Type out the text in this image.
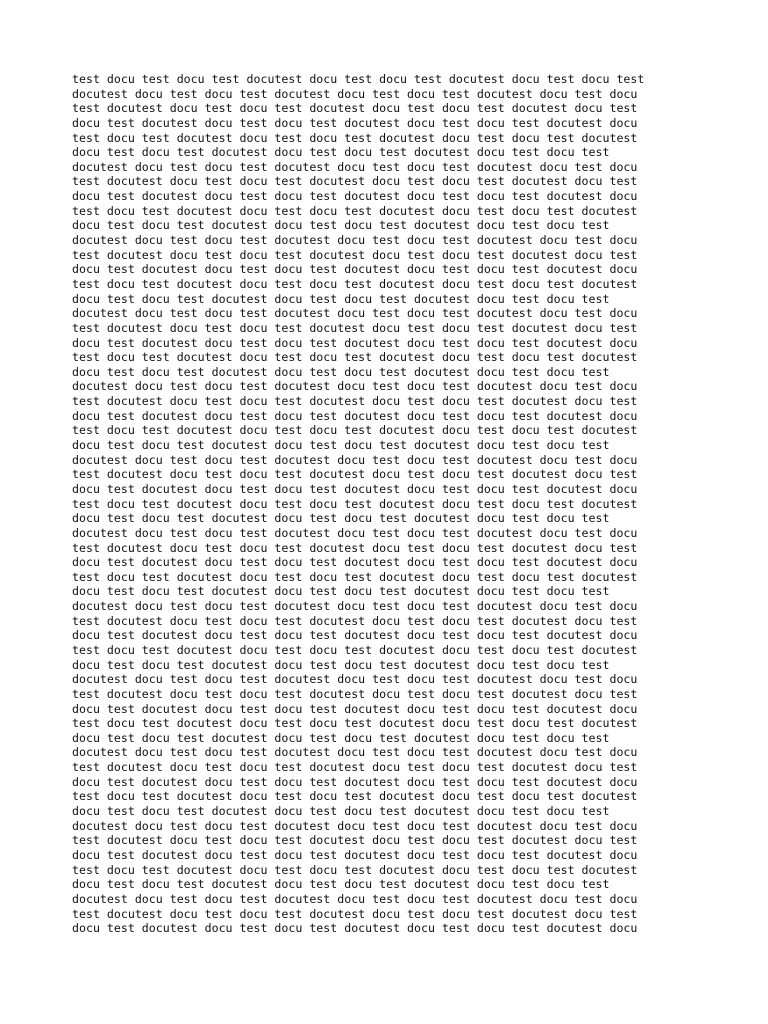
test docu test docu test docutest docu test docu test docutest docu test docu test
docutest docu test docu test docutest docu test docu test docutest docu test docu
test docutest docu test docu test docutest docu test docu test docutest docu test
docu test docutest docu test docu test docutest docu test docu test docutest docu
test docu test docutest docu test docu test docutest docu test docu test docutest
docu test docu test docutest docu test docu test docutest docu test docu test
docutest docu test docu test docutest docu test docu test docutest docu test docu
test docutest docu test docu test docutest docu test docu test docutest docu test
docu test docutest docu test docu test docutest docu test docu test docutest docu
test docu test docutest docu test docu test docutest docu test docu test docutest
docu test docu test docutest docu test docu test docutest docu test docu test
docutest docu test docu test docutest docu test docu test docutest docu test docu
test docutest docu test docu test docutest docu test docu test docutest docu test
docu test docutest docu test docu test docutest docu test docu test docutest docu
test docu test docutest docu test docu test docutest docu test docu test docutest
docu test docu test docutest docu test docu test docutest docu test docu test
docutest docu test docu test docutest docu test docu test docutest docu test docu
test docutest docu test docu test docutest docu test docu test docutest docu test
docu test docutest docu test docu test docutest docu test docu test docutest docu
test docu test docutest docu test docu test docutest docu test docu test docutest
docu test docu test docutest docu test docu test docutest docu test docu test
docutest docu test docu test docutest docu test docu test docutest docu test docu
test docutest docu test docu test docutest docu test docu test docutest docu test
docu test docutest docu test docu test docutest docu test docu test docutest docu
test docu test docutest docu test docu test docutest docu test docu test docutest
docu test docu test docutest docu test docu test docutest docu test docu test
docutest docu test docu test docutest docu test docu test docutest docu test docu
test docutest docu test docu test docutest docu test docu test docutest docu test
docu test docutest docu test docu test docutest docu test docu test docutest docu
test docu test docutest docu test docu test docutest docu test docu test docutest
docu test docu test docutest docu test docu test docutest docu test docu test
docutest docu test docu test docutest docu test docu test docutest docu test docu
test docutest docu test docu test docutest docu test docu test docutest docu test
docu test docutest docu test docu test docutest docu test docu test docutest docu
test docu test docutest docu test docu test docutest docu test docu test docutest
docu test docu test docutest docu test docu test docutest docu test docu test
docutest docu test docu test docutest docu test docu test docutest docu test docu
test docutest docu test docu test docutest docu test docu test docutest docu test
docu test docutest docu test docu test docutest docu test docu test docutest docu
test docu test docutest docu test docu test docutest docu test docu test docutest
docu test docu test docutest docu test docu test docutest docu test docu test
docutest docu test docu test docutest docu test docu test docutest docu test docu
test docutest docu test docu test docutest docu test docu test docutest docu test
docu test docutest docu test docu test docutest docu test docu test docutest docu
test docu test docutest docu test docu test docutest docu test docu test docutest
docu test docu test docutest docu test docu test docutest docu test docu test
docutest docu test docu test docutest docu test docu test docutest docu test docu
test docutest docu test docu test docutest docu test docu test docutest docu test
docu test docutest docu test docu test docutest docu test docu test docutest docu
test docu test docutest docu test docu test docutest docu test docu test docutest
docu test docu test docutest docu test docu test docutest docu test docu test
docutest docu test docu test docutest docu test docu test docutest docu test docu
test docutest docu test docu test docutest docu test docu test docutest docu test
docu test docutest docu test docu test docutest docu test docu test docutest docu
test docu test docutest docu test docu test docutest docu test docu test docutest
docu test docu test docutest docu test docu test docutest docu test docu test
docutest docu test docu test docutest docu test docu test docutest docu test docu
test docutest docu test docu test docutest docu test docu test docutest docu test
docu test docutest docu test docu test docutest docu test docu test docutest docu
